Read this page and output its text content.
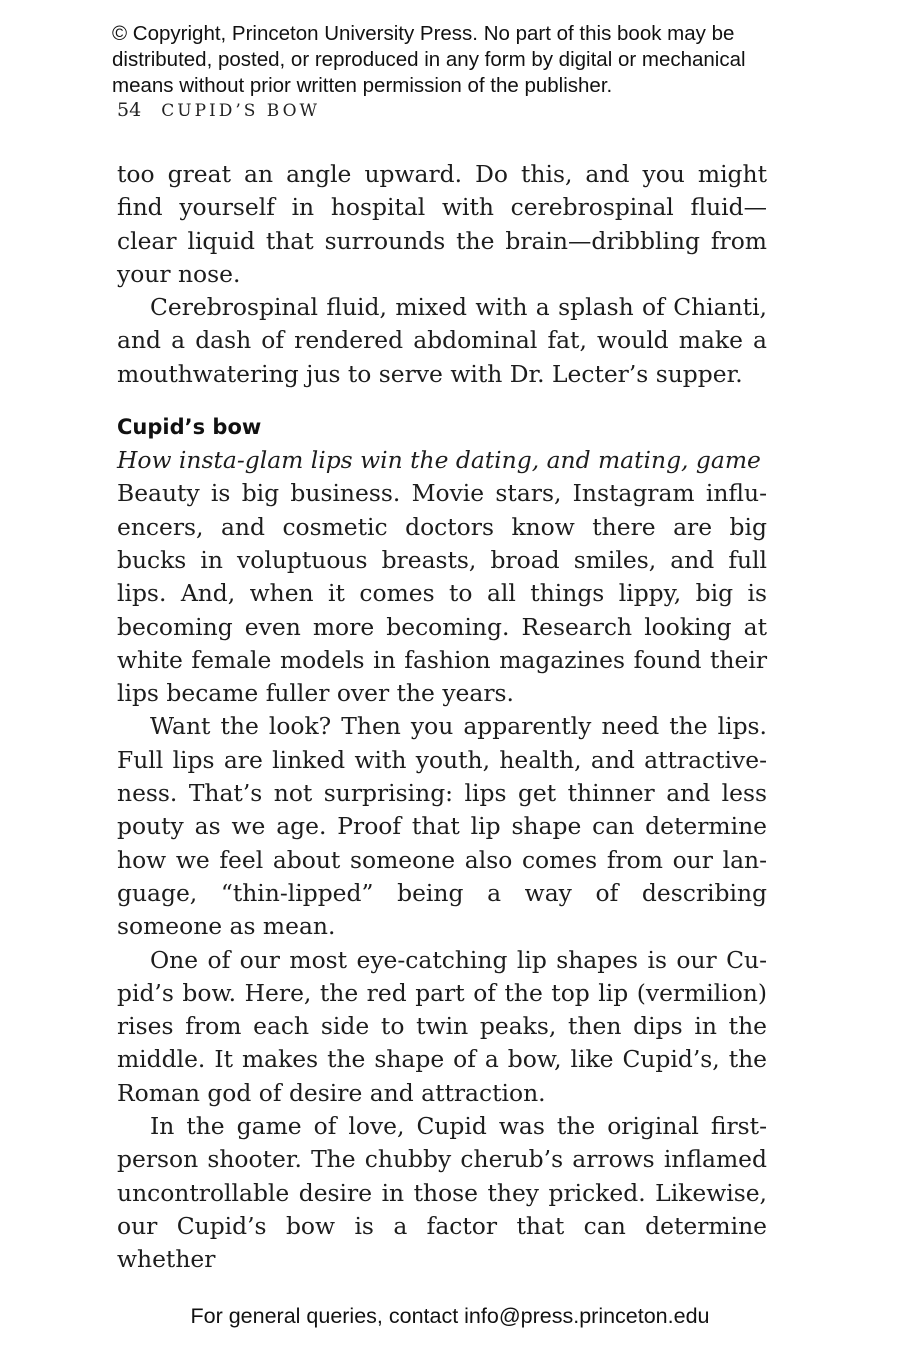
© Copyright, Princeton University Press. No part of this book may be distributed, posted, or reproduced in any form by digital or mechanical means without prior written permission of the publisher.
54 CUPID’S BOW

too great an angle upward. Do this, and you might find yourself in hospital with cerebrospinal fluid—clear liquid that surrounds the brain—dribbling from your nose.

Cerebrospinal fluid, mixed with a splash of Chianti, and a dash of rendered abdominal fat, would make a mouthwatering jus to serve with Dr. Lecter’s supper.

Cupid’s bow
How insta-glam lips win the dating, and mating, game

Beauty is big business. Movie stars, Instagram influencers, and cosmetic doctors know there are big bucks in voluptuous breasts, broad smiles, and full lips. And, when it comes to all things lippy, big is becoming even more becoming. Research looking at white female models in fashion magazines found their lips became fuller over the years.

Want the look? Then you apparently need the lips. Full lips are linked with youth, health, and attractiveness. That’s not surprising: lips get thinner and less pouty as we age. Proof that lip shape can determine how we feel about someone also comes from our language, “thin-lipped” being a way of describing someone as mean.

One of our most eye-catching lip shapes is our Cupid’s bow. Here, the red part of the top lip (vermilion) rises from each side to twin peaks, then dips in the middle. It makes the shape of a bow, like Cupid’s, the Roman god of desire and attraction.

In the game of love, Cupid was the original first-person shooter. The chubby cherub’s arrows inflamed uncontrollable desire in those they pricked. Likewise, our Cupid’s bow is a factor that can determine whether

For general queries, contact info@press.princeton.edu
